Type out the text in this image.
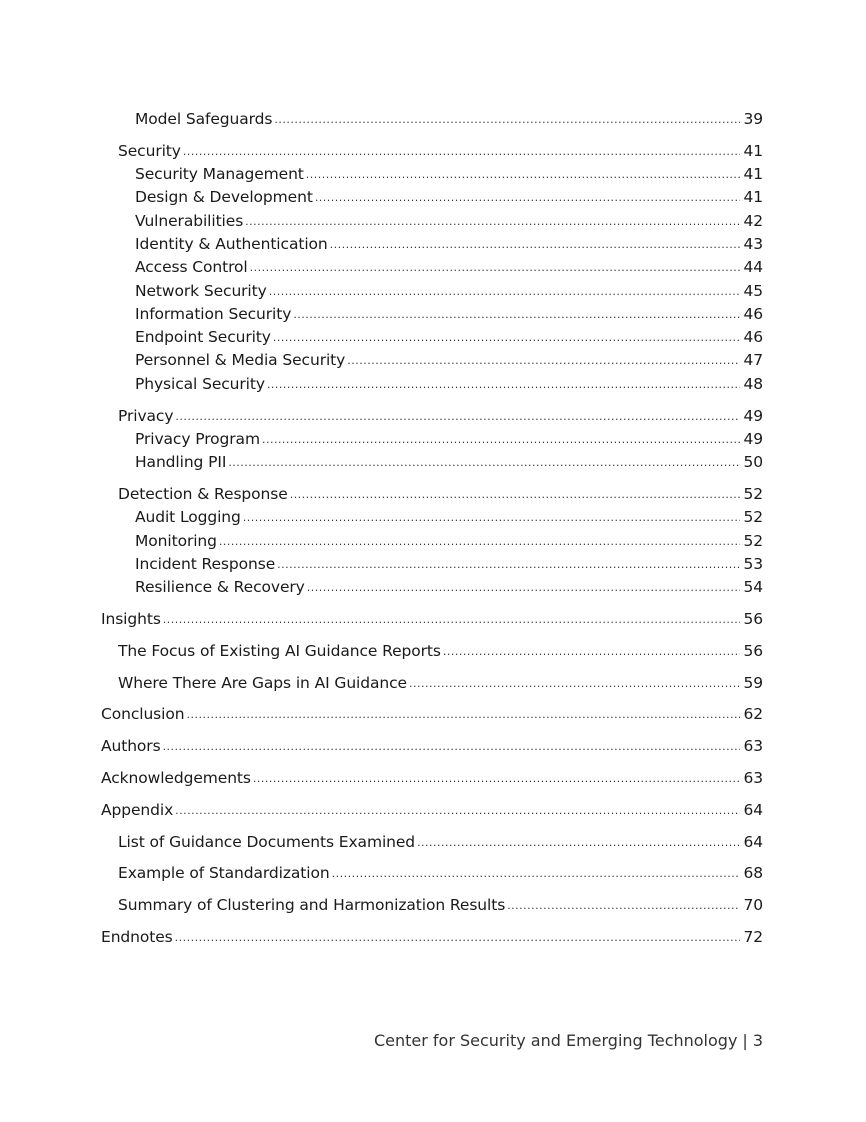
Model Safeguards .....	39
Security .....	41
Security Management .....	41
Design & Development .....	41
Vulnerabilities .....	42
Identity & Authentication .....	43
Access Control .....	44
Network Security .....	45
Information Security .....	46
Endpoint Security .....	46
Personnel & Media Security .....	47
Physical Security .....	48
Privacy .....	49
Privacy Program .....	49
Handling PII .....	50
Detection & Response .....	52
Audit Logging .....	52
Monitoring .....	52
Incident Response .....	53
Resilience & Recovery .....	54
Insights .....	56
The Focus of Existing AI Guidance Reports .....	56
Where There Are Gaps in AI Guidance .....	59
Conclusion .....	62
Authors .....	63
Acknowledgements .....	63
Appendix .....	64
List of Guidance Documents Examined .....	64
Example of Standardization .....	68
Summary of Clustering and Harmonization Results .....	70
Endnotes .....	72
Center for Security and Emerging Technology | 3
